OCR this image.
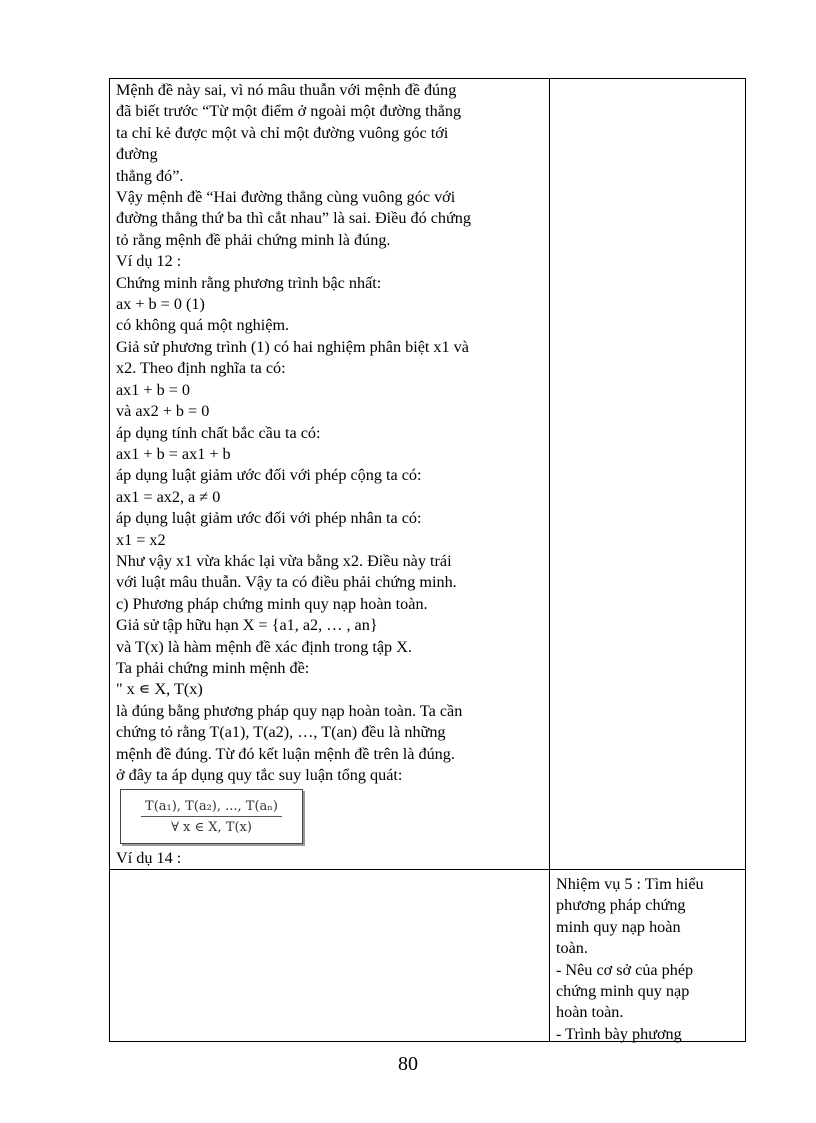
Mệnh đề này sai, vì nó mâu thuẫn với mệnh đề đúng
đã biết trước “Từ một điểm ở ngoài một đường thẳng
ta chỉ kẻ được một và chỉ một đường vuông góc tới
đường
thẳng đó”.
Vậy mệnh đề “Hai đường thẳng cùng vuông góc với
đường thẳng thứ ba thì cắt nhau” là sai. Điều đó chứng
tỏ rằng mệnh đề phải chứng minh là đúng.
Ví dụ 12 :
Chứng minh rằng phương trình bậc nhất:
ax + b = 0 (1)
có không quá một nghiệm.
Giả sử phương trình (1) có hai nghiệm phân biệt x1 và
x2. Theo định nghĩa ta có:
ax1 + b = 0
và ax2 + b = 0
áp dụng tính chất bắc cầu ta có:
ax1 + b = ax1 + b
áp dụng luật giảm ước đối với phép cộng ta có:
ax1 = ax2, a ≠ 0
áp dụng luật giảm ước đối với phép nhân ta có:
x1 = x2
Như vậy x1 vừa khác lại vừa bằng x2. Điều này trái
với luật mâu thuẫn. Vậy ta có điều phải chứng minh.
c) Phương pháp chứng minh quy nạp hoàn toàn.
Giả sử tập hữu hạn X = {a1, a2, … , an}
và T(x) là hàm mệnh đề xác định trong tập X.
Ta phải chứng minh mệnh đề:
" x ∊ X, T(x)
là đúng bằng phương pháp quy nạp hoàn toàn. Ta cần
chứng tỏ rằng T(a1), T(a2), …, T(an) đều là những
mệnh đề đúng. Từ đó kết luận mệnh đề trên là đúng.
ở đây ta áp dụng quy tắc suy luận tổng quát:
T(a₁), T(a₂), ..., T(aₙ)
∀ x ∈ X, T(x)
Ví dụ 14 :
Nhiệm vụ 5 : Tìm hiểu
phương pháp chứng
minh quy nạp hoàn
toàn.
- Nêu cơ sở của phép
chứng minh quy nạp
hoàn toàn.
- Trình bày phương
80
